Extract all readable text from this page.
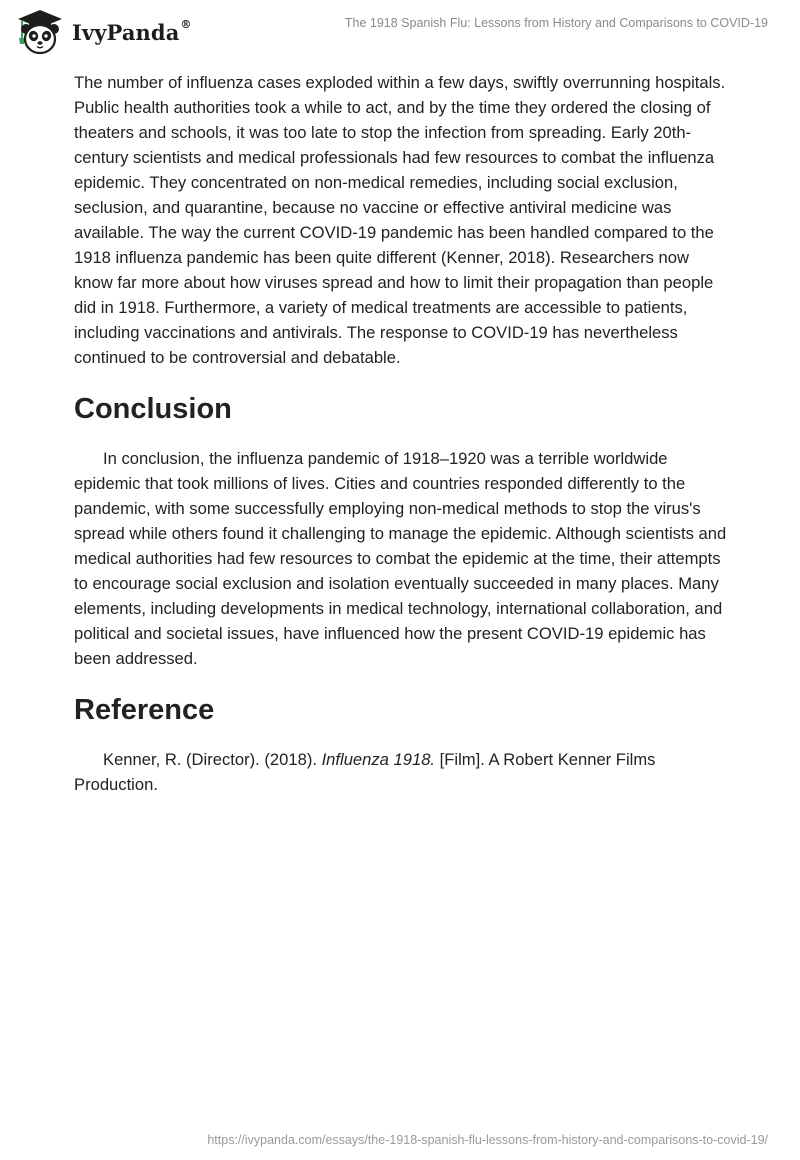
IvyPanda®	The 1918 Spanish Flu: Lessons from History and Comparisons to COVID-19

The number of influenza cases exploded within a few days, swiftly overrunning hospitals. Public health authorities took a while to act, and by the time they ordered the closing of theaters and schools, it was too late to stop the infection from spreading. Early 20th-century scientists and medical professionals had few resources to combat the influenza epidemic. They concentrated on non-medical remedies, including social exclusion, seclusion, and quarantine, because no vaccine or effective antiviral medicine was available. The way the current COVID-19 pandemic has been handled compared to the 1918 influenza pandemic has been quite different (Kenner, 2018). Researchers now know far more about how viruses spread and how to limit their propagation than people did in 1918. Furthermore, a variety of medical treatments are accessible to patients, including vaccinations and antivirals. The response to COVID-19 has nevertheless continued to be controversial and debatable.

Conclusion

In conclusion, the influenza pandemic of 1918–1920 was a terrible worldwide epidemic that took millions of lives. Cities and countries responded differently to the pandemic, with some successfully employing non-medical methods to stop the virus's spread while others found it challenging to manage the epidemic. Although scientists and medical authorities had few resources to combat the epidemic at the time, their attempts to encourage social exclusion and isolation eventually succeeded in many places. Many elements, including developments in medical technology, international collaboration, and political and societal issues, have influenced how the present COVID-19 epidemic has been addressed.

Reference

Kenner, R. (Director). (2018). Influenza 1918. [Film]. A Robert Kenner Films Production.

https://ivypanda.com/essays/the-1918-spanish-flu-lessons-from-history-and-comparisons-to-covid-19/
